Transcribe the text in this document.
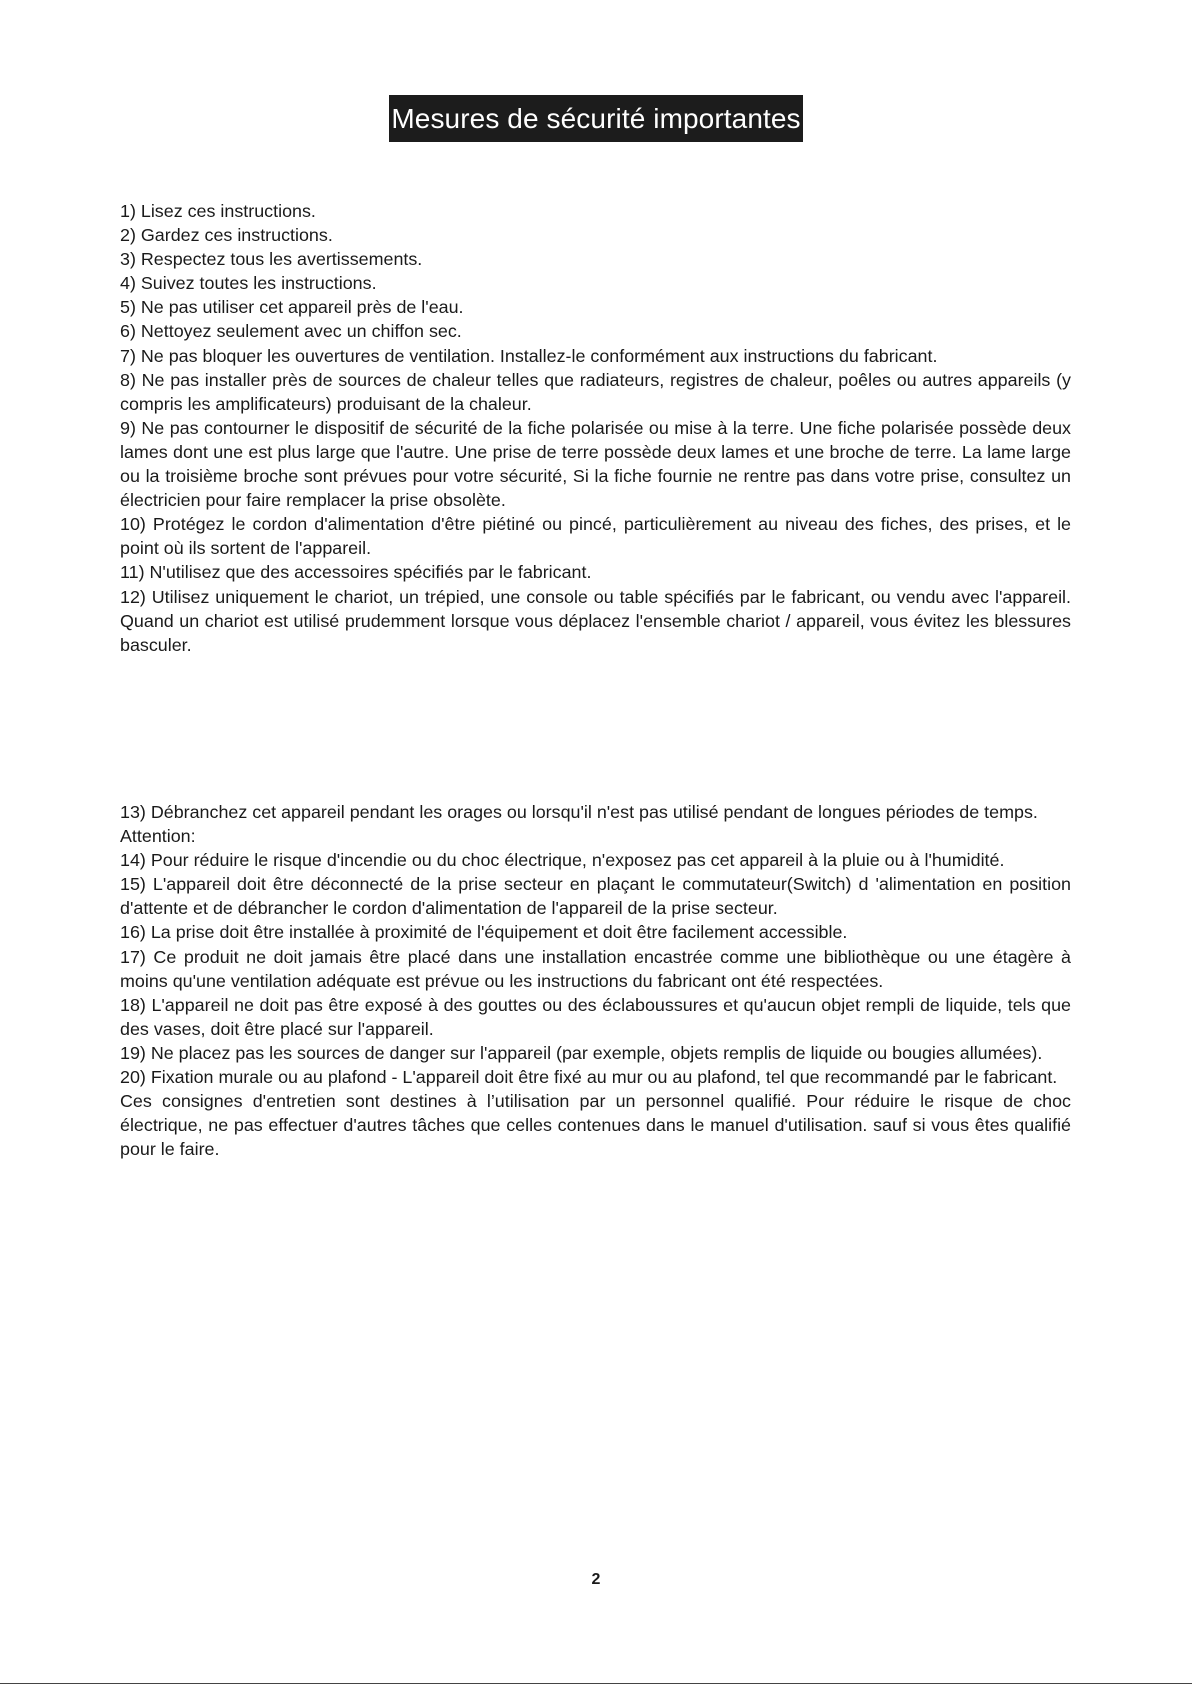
Mesures de sécurité importantes

1) Lisez ces instructions.

2) Gardez ces instructions.

3) Respectez tous les avertissements.

4) Suivez toutes les instructions.

5) Ne pas utiliser cet appareil près de l'eau.

6) Nettoyez seulement avec un chiffon sec.

7) Ne pas bloquer les ouvertures de ventilation. Installez-le conformément aux instructions du fabricant.

8) Ne pas installer près de sources de chaleur telles que radiateurs, registres de chaleur, poêles ou autres appareils (y compris les amplificateurs) produisant de la chaleur.

9) Ne pas contourner le dispositif de sécurité de la fiche polarisée ou mise à la terre. Une fiche polarisée possède deux lames dont une est plus large que l'autre. Une prise de terre possède deux lames et une broche de terre. La lame large ou la troisième broche sont prévues pour votre sécurité, Si la fiche fournie ne rentre pas dans votre prise, consultez un électricien pour faire remplacer la prise obsolète.

10) Protégez le cordon d'alimentation d'être piétiné ou pincé, particulièrement au niveau des fiches, des prises, et le point où ils sortent de l'appareil.

11) N'utilisez que des accessoires spécifiés par le fabricant.

12) Utilisez uniquement le chariot, un trépied, une console ou table spécifiés par le fabricant, ou vendu avec l'appareil. Quand un chariot est utilisé prudemment lorsque vous déplacez l'ensemble chariot / appareil, vous évitez les blessures basculer.

13) Débranchez cet appareil pendant les orages ou lorsqu'il n'est pas utilisé pendant de longues périodes de temps.

Attention:

14) Pour réduire le risque d'incendie ou du choc électrique, n'exposez pas cet appareil à la pluie ou à l'humidité.

15) L'appareil doit être déconnecté de la prise secteur en plaçant le commutateur(Switch) d 'alimentation en position d'attente et de débrancher le cordon d'alimentation de l'appareil de la prise secteur.

16) La prise doit être installée à proximité de l'équipement et doit être facilement accessible.

17) Ce produit ne doit jamais être placé dans une installation encastrée comme une bibliothèque ou une étagère à moins qu'une ventilation adéquate est prévue ou les instructions du fabricant ont été respectées.

18) L'appareil ne doit pas être exposé à des gouttes ou des éclaboussures et qu'aucun objet rempli de liquide, tels que des vases, doit être placé sur l'appareil.

19) Ne placez pas les sources de danger sur l'appareil (par exemple, objets remplis de liquide ou bougies allumées).

20) Fixation murale ou au plafond - L'appareil doit être fixé au mur ou au plafond, tel que recommandé par le fabricant.

Ces consignes d'entretien sont destines à l’utilisation par un personnel qualifié. Pour réduire le risque de choc électrique, ne pas effectuer d'autres tâches que celles contenues dans le manuel d'utilisation. sauf si vous êtes qualifié pour le faire.

2
